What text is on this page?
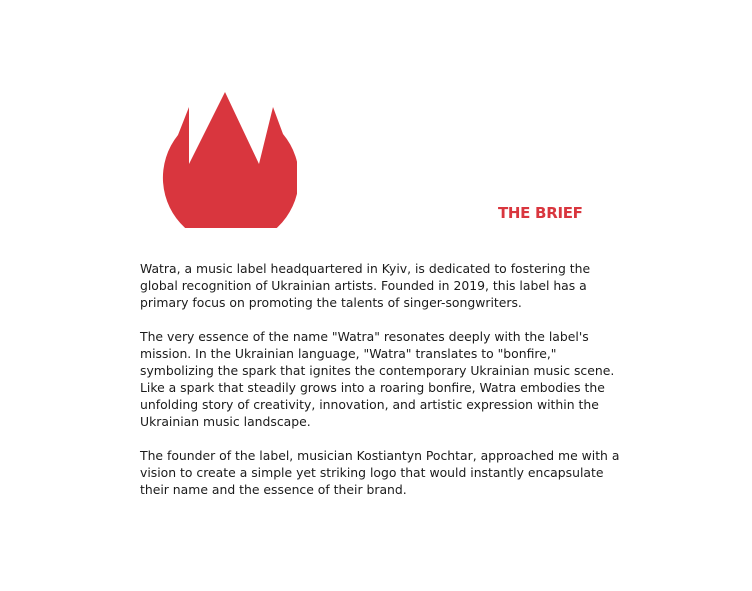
THE BRIEF

Watra, a music label headquartered in Kyiv, is dedicated to fostering the global recognition of Ukrainian artists. Founded in 2019, this label has a primary focus on promoting the talents of singer-songwriters.

The very essence of the name "Watra" resonates deeply with the label's mission. In the Ukrainian language, "Watra" translates to "bonfire," symbolizing the spark that ignites the contemporary Ukrainian music scene. Like a spark that steadily grows into a roaring bonfire, Watra embodies the unfolding story of creativity, innovation, and artistic expression within the Ukrainian music landscape.

The founder of the label, musician Kostiantyn Pochtar, approached me with a vision to create a simple yet striking logo that would instantly encapsulate their name and the essence of their brand.
